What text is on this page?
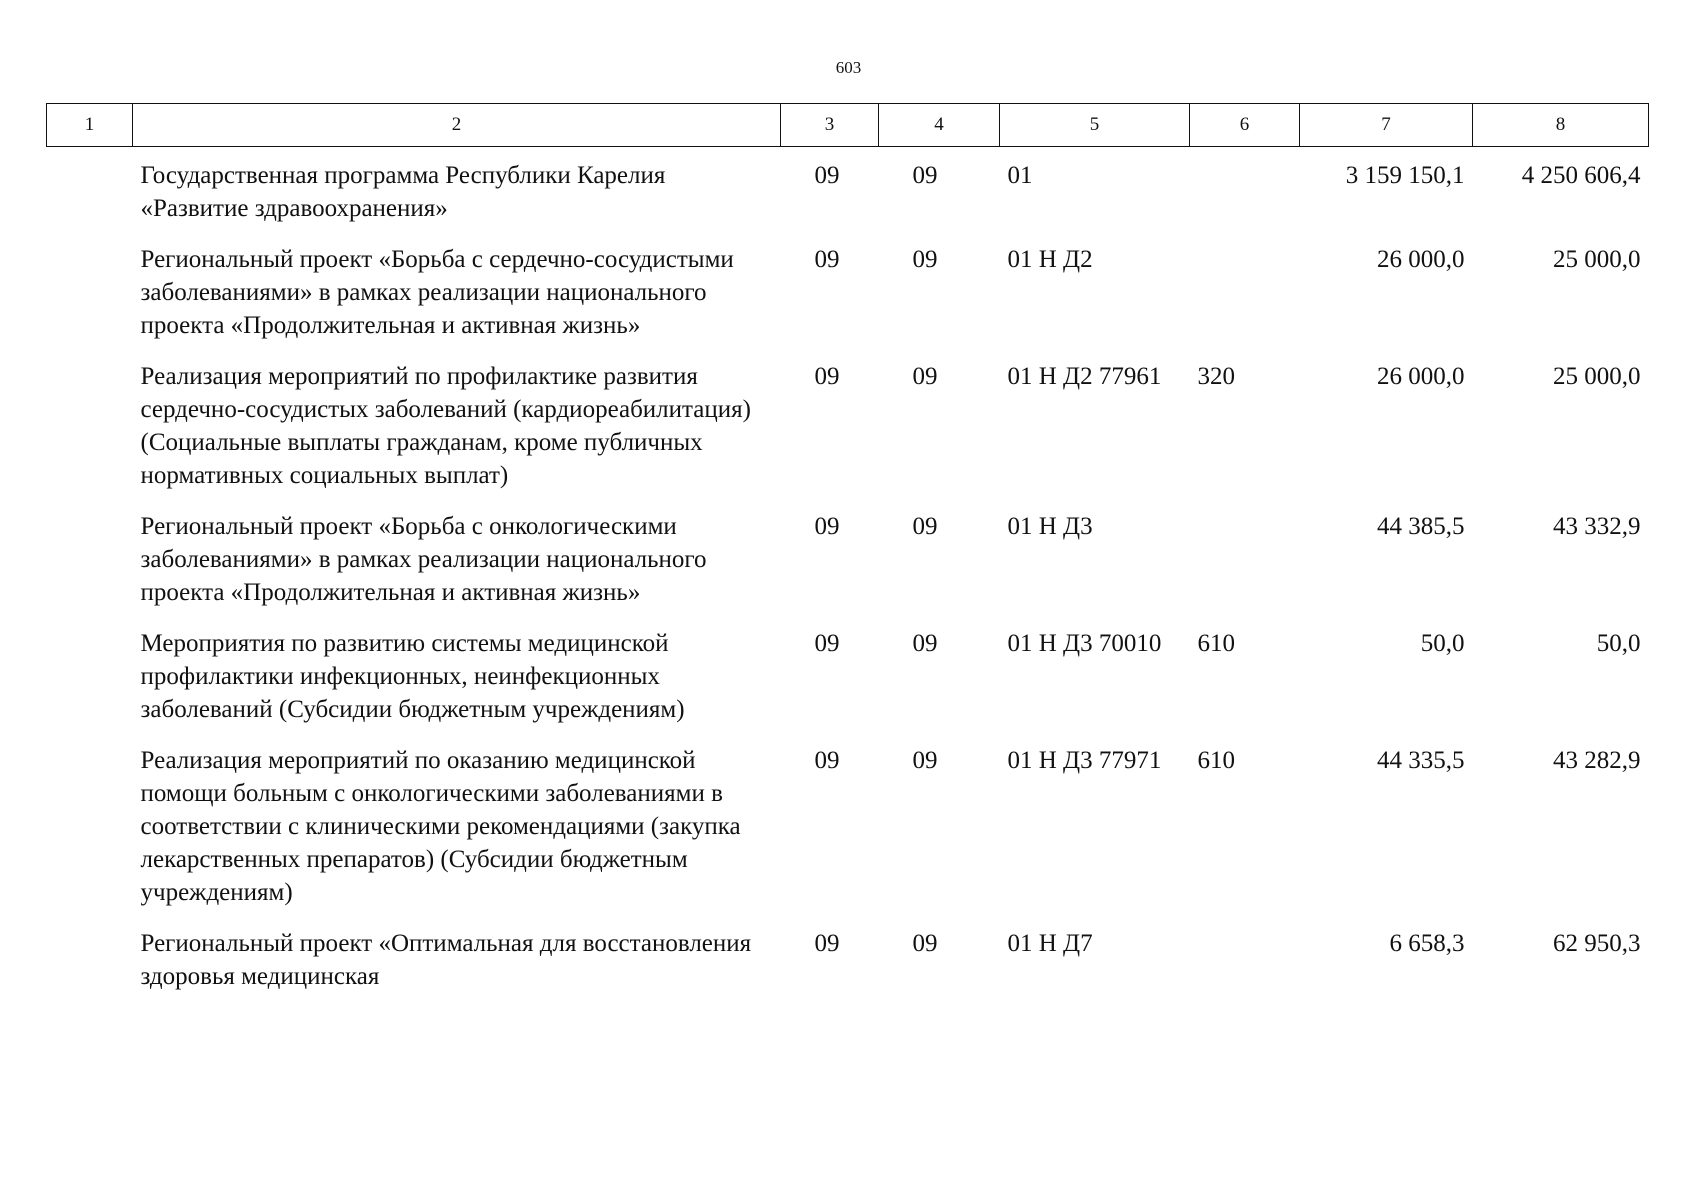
603
1	2	3	4	5	6	7	8
	Государственная программа Республики Карелия «Развитие здравоохранения»	09	09	01		3 159 150,1	4 250 606,4
	Региональный проект «Борьба с сердечно-сосудистыми заболеваниями» в рамках реализации национального проекта «Продолжительная и активная жизнь»	09	09	01 Н Д2		26 000,0	25 000,0
	Реализация мероприятий по профилактике развития сердечно-сосудистых заболеваний (кардиореабилитация) (Социальные выплаты гражданам, кроме публичных нормативных социальных выплат)	09	09	01 Н Д2 77961	320	26 000,0	25 000,0
	Региональный проект «Борьба с онкологическими заболеваниями» в рамках реализации национального проекта «Продолжительная и активная жизнь»	09	09	01 Н Д3		44 385,5	43 332,9
	Мероприятия по развитию системы медицинской профилактики инфекционных, неинфекционных заболеваний (Субсидии бюджетным учреждениям)	09	09	01 Н Д3 70010	610	50,0	50,0
	Реализация мероприятий по оказанию медицинской помощи больным с онкологическими заболеваниями в соответствии с клиническими рекомендациями (закупка лекарственных препаратов) (Субсидии бюджетным учреждениям)	09	09	01 Н Д3 77971	610	44 335,5	43 282,9
	Региональный проект «Оптимальная для восстановления здоровья медицинская	09	09	01 Н Д7		6 658,3	62 950,3
